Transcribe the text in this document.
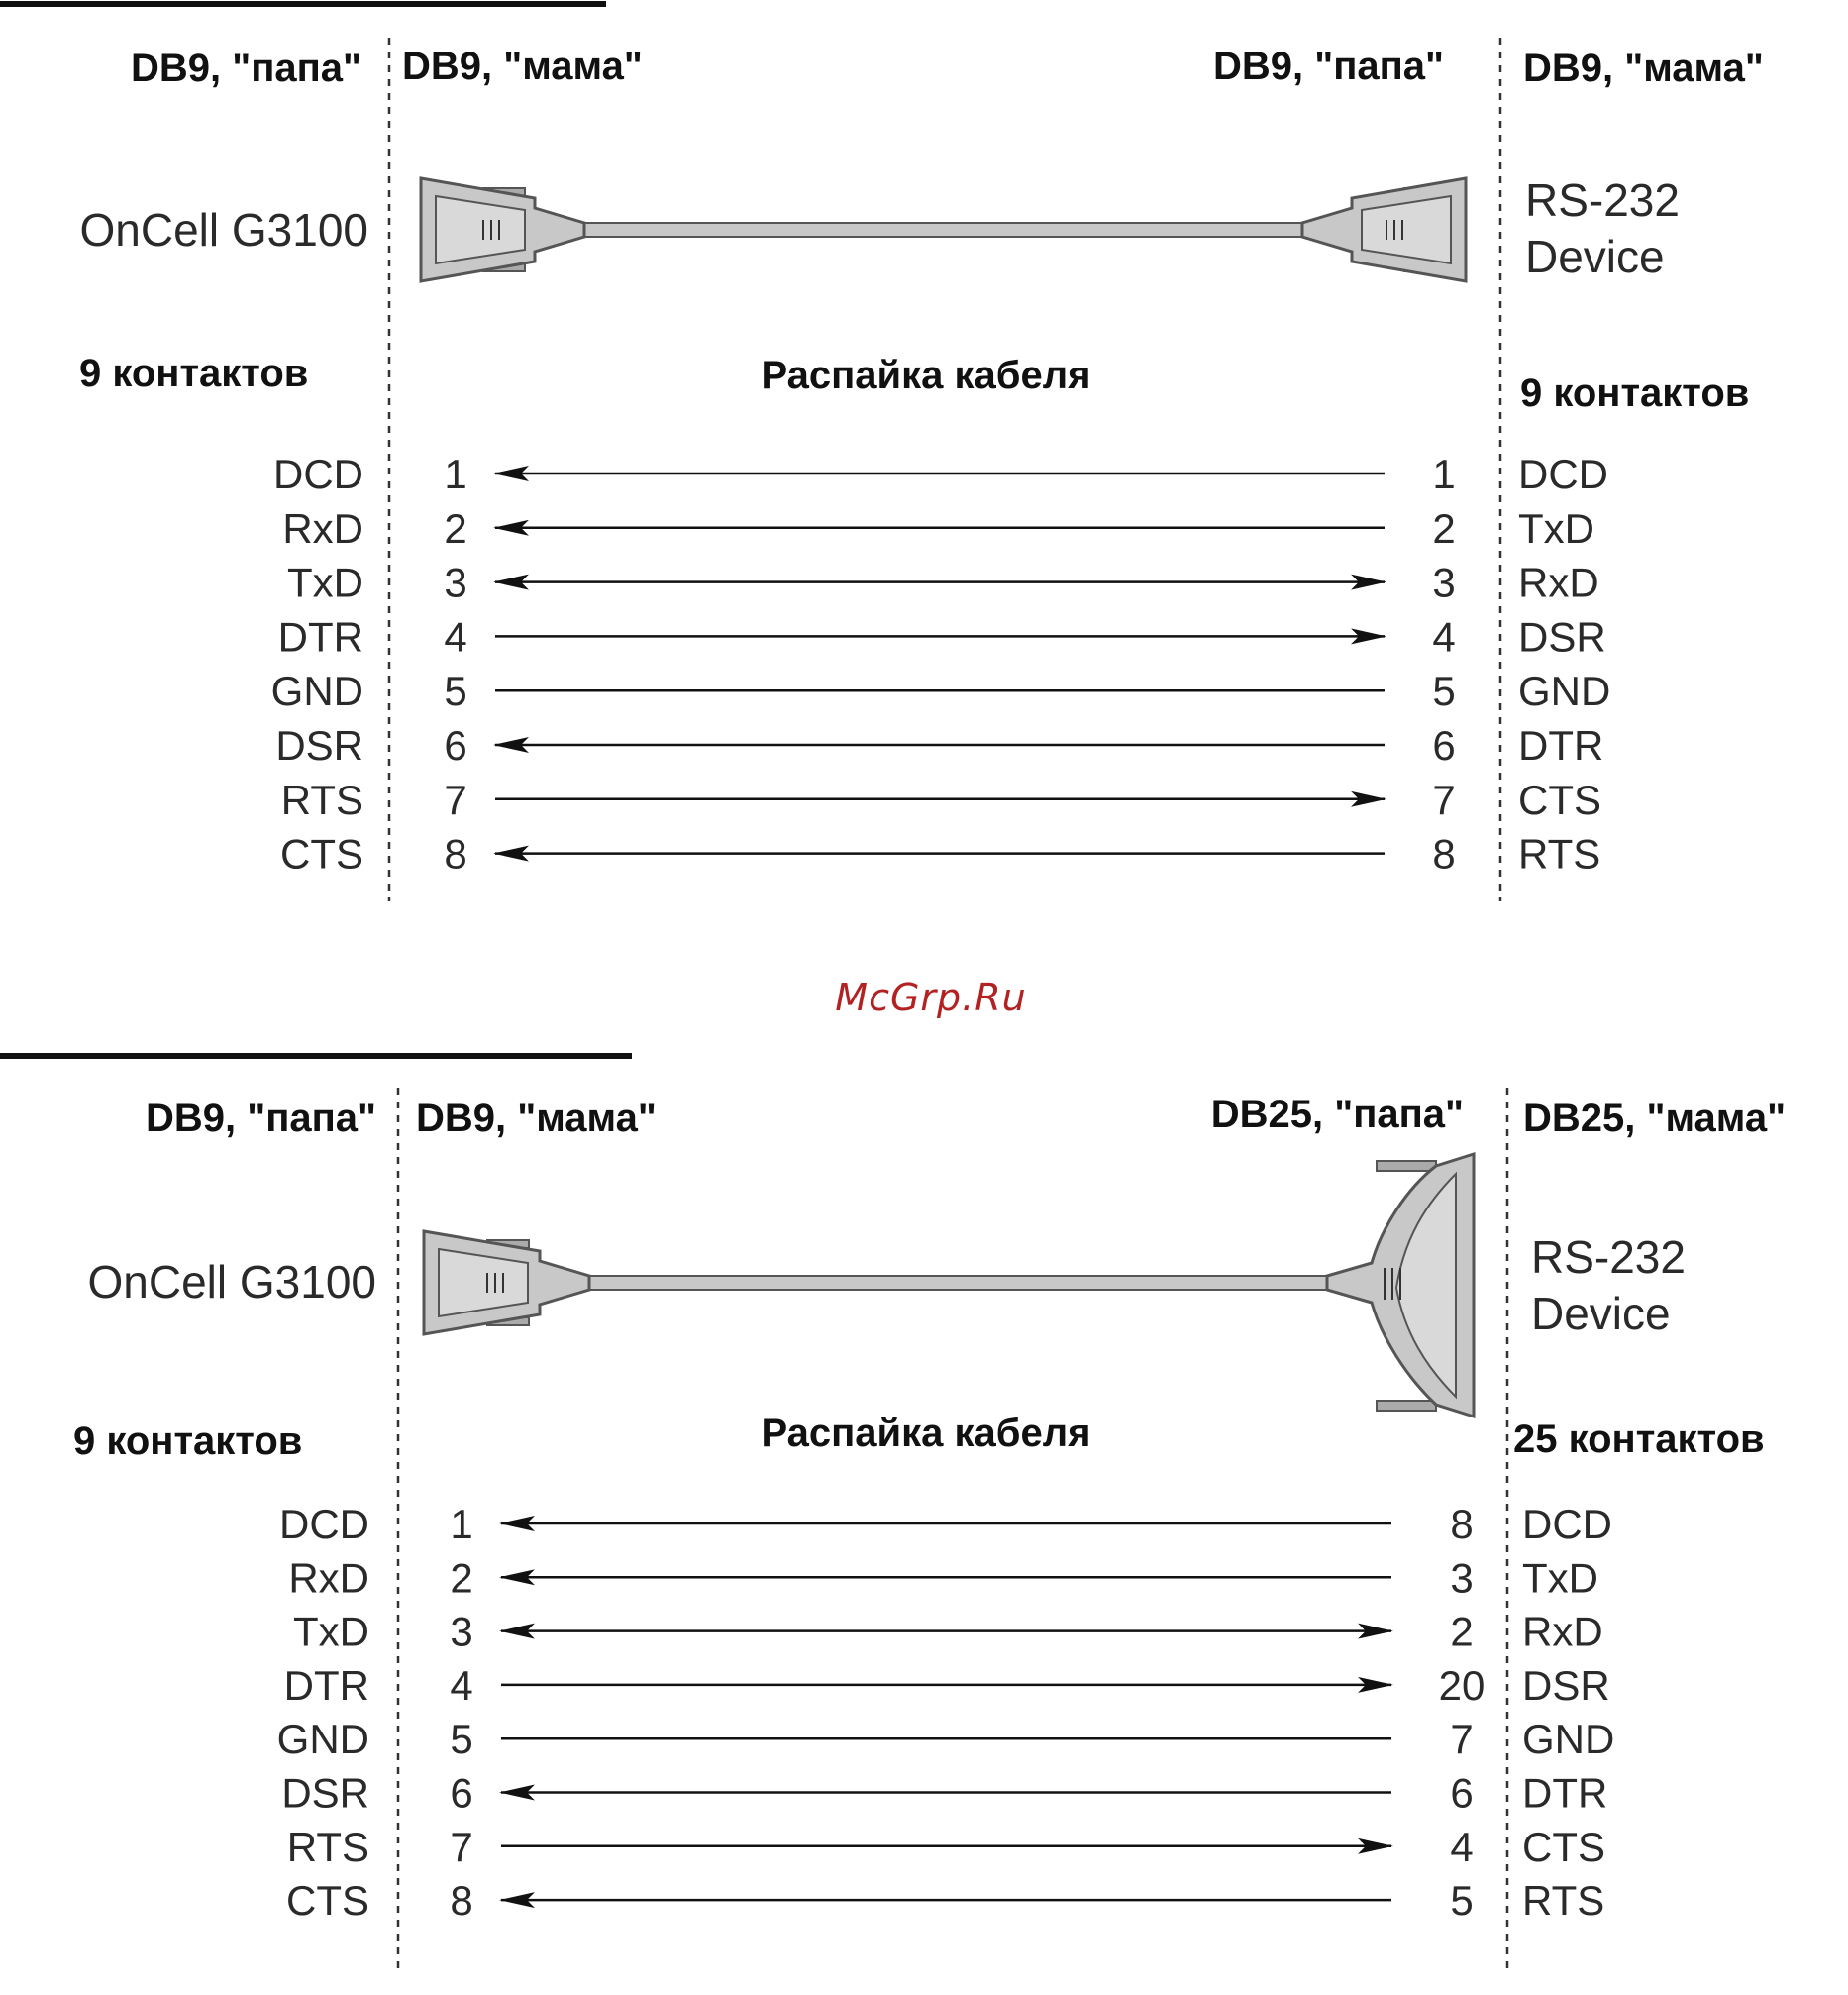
DB9, "папа" DB9, "мама"	DB9, "папа" DB9, "мама"
OnCell G3100
RS-232
Device
9 контактов	Распайка кабеля	9 контактов
DCD 1	1 DCD
RxD 2	2 TxD
TxD 3	3 RxD
DTR 4	4 DSR
GND 5	5 GND
DSR 6	6 DTR
RTS 7	7 CTS
CTS 8	8 RTS
McGrp.Ru
DB9, "папа" DB9, "мама"	DB25, "папа" DB25, "мама"
OnCell G3100	RS-232
Device
9 контактов	Распайка кабеля	25 контактов
DCD 1	8 DCD
RxD 2	3 TxD
TxD 3	2 RxD
DTR 4	20 DSR
GND 5	7 GND
DSR 6	6 DTR
RTS 7	4 CTS
CTS 8	5 RTS
